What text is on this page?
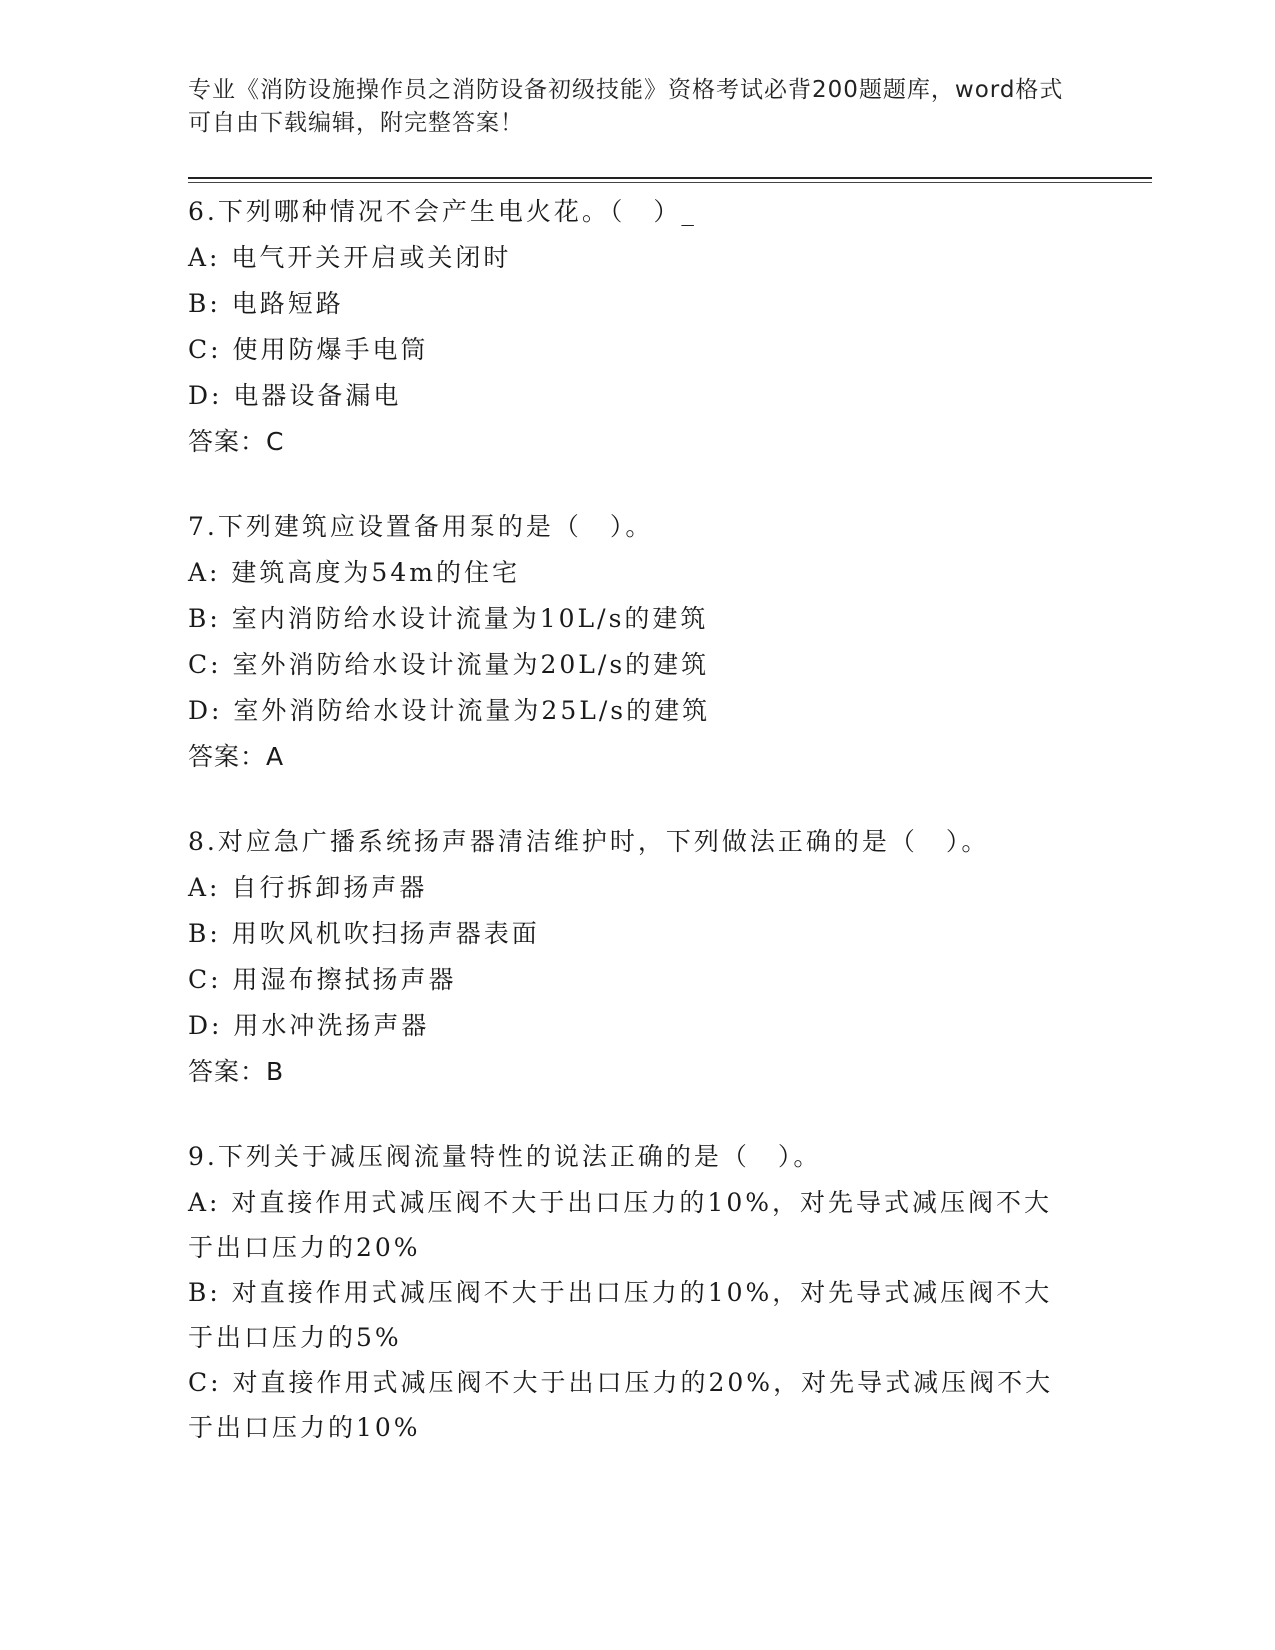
专业《消防设施操作员之消防设备初级技能》资格考试必背200题题库，word格式可自由下载编辑，附完整答案！
6.下列哪种情况不会产生电火花。（　）_
A: 电气开关开启或关闭时
B: 电路短路
C: 使用防爆手电筒
D: 电器设备漏电
答案：C
7.下列建筑应设置备用泵的是（　）。
A: 建筑高度为54m的住宅
B: 室内消防给水设计流量为10L/s的建筑
C: 室外消防给水设计流量为20L/s的建筑
D: 室外消防给水设计流量为25L/s的建筑
答案：A
8.对应急广播系统扬声器清洁维护时，下列做法正确的是（　）。
A: 自行拆卸扬声器
B: 用吹风机吹扫扬声器表面
C: 用湿布擦拭扬声器
D: 用水冲洗扬声器
答案：B
9.下列关于减压阀流量特性的说法正确的是（　）。
A: 对直接作用式减压阀不大于出口压力的10%，对先导式减压阀不大于出口压力的20%
B: 对直接作用式减压阀不大于出口压力的10%，对先导式减压阀不大于出口压力的5%
C: 对直接作用式减压阀不大于出口压力的20%，对先导式减压阀不大于出口压力的10%
